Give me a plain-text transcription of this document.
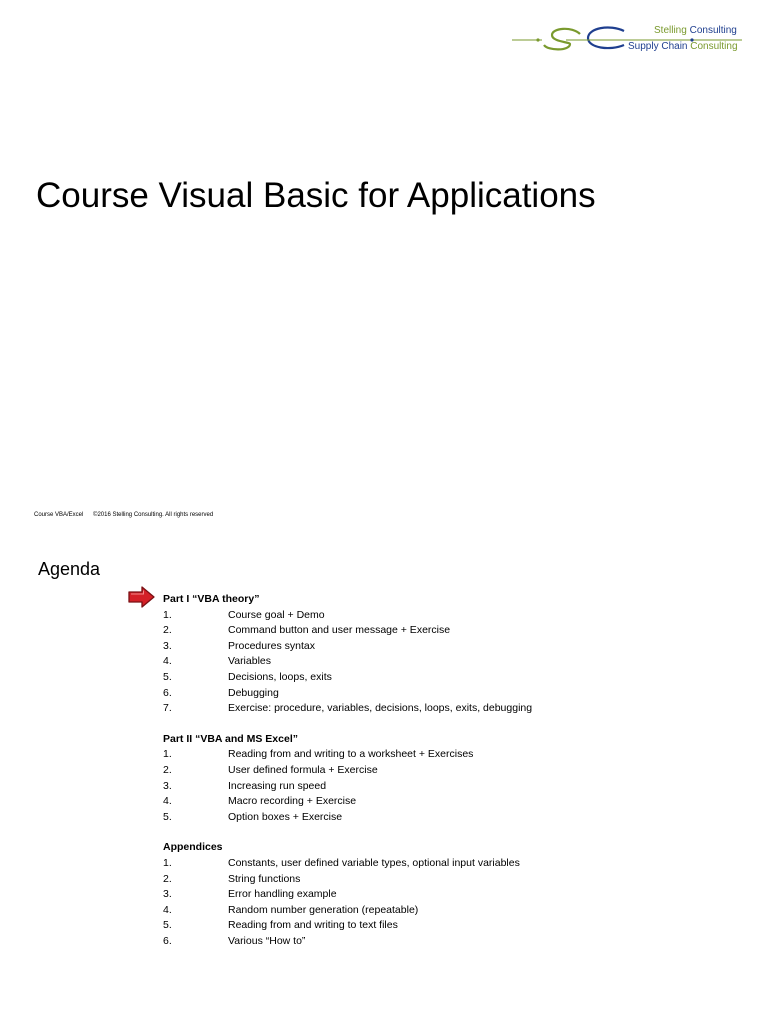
Stelling Consulting
Supply Chain Consulting
Course Visual Basic for Applications
Course VBA/Excel ©2016 Stelling Consulting. All rights reserved
Agenda
Part I “VBA theory”
1.	Course goal + Demo
2.	Command button and user message + Exercise
3.	Procedures syntax
4.	Variables
5.	Decisions, loops, exits
6.	Debugging
7.	Exercise: procedure, variables, decisions, loops, exits, debugging
Part II “VBA and MS Excel”
1.	Reading from and writing to a worksheet + Exercises
2.	User defined formula + Exercise
3.	Increasing run speed
4.	Macro recording + Exercise
5.	Option boxes + Exercise
Appendices
1.	Constants, user defined variable types, optional input variables
2.	String functions
3.	Error handling example
4.	Random number generation (repeatable)
5.	Reading from and writing to text files
6.	Various “How to”
